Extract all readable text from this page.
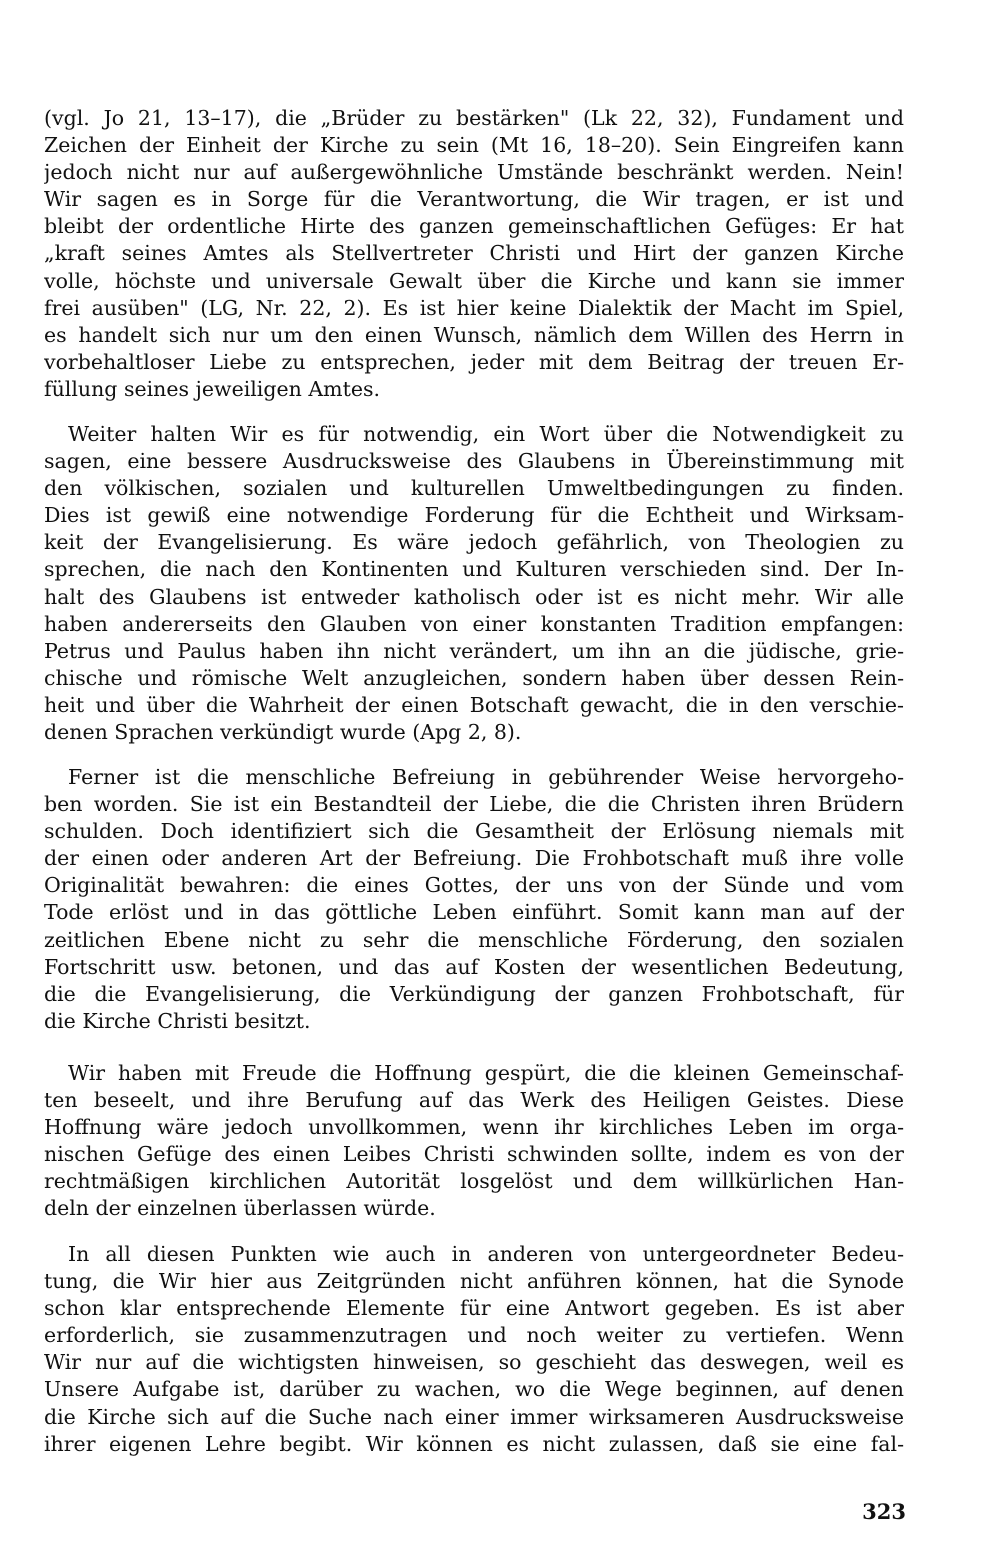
(vgl. Jo 21, 13–17), die „Brüder zu bestärken" (Lk 22, 32), Fundament und
Zeichen der Einheit der Kirche zu sein (Mt 16, 18–20). Sein Eingreifen kann
jedoch nicht nur auf außergewöhnliche Umstände beschränkt werden. Nein!
Wir sagen es in Sorge für die Verantwortung, die Wir tragen, er ist und
bleibt der ordentliche Hirte des ganzen gemeinschaftlichen Gefüges: Er hat
„kraft seines Amtes als Stellvertreter Christi und Hirt der ganzen Kirche
volle, höchste und universale Gewalt über die Kirche und kann sie immer
frei ausüben" (LG, Nr. 22, 2). Es ist hier keine Dialektik der Macht im Spiel,
es handelt sich nur um den einen Wunsch, nämlich dem Willen des Herrn in
vorbehaltloser Liebe zu entsprechen, jeder mit dem Beitrag der treuen Er-
füllung seines jeweiligen Amtes.
Weiter halten Wir es für notwendig, ein Wort über die Notwendigkeit zu
sagen, eine bessere Ausdrucksweise des Glaubens in Übereinstimmung mit
den völkischen, sozialen und kulturellen Umweltbedingungen zu finden.
Dies ist gewiß eine notwendige Forderung für die Echtheit und Wirksam-
keit der Evangelisierung. Es wäre jedoch gefährlich, von Theologien zu
sprechen, die nach den Kontinenten und Kulturen verschieden sind. Der In-
halt des Glaubens ist entweder katholisch oder ist es nicht mehr. Wir alle
haben andererseits den Glauben von einer konstanten Tradition empfangen:
Petrus und Paulus haben ihn nicht verändert, um ihn an die jüdische, grie-
chische und römische Welt anzugleichen, sondern haben über dessen Rein-
heit und über die Wahrheit der einen Botschaft gewacht, die in den verschie-
denen Sprachen verkündigt wurde (Apg 2, 8).
Ferner ist die menschliche Befreiung in gebührender Weise hervorgeho-
ben worden. Sie ist ein Bestandteil der Liebe, die die Christen ihren Brüdern
schulden. Doch identifiziert sich die Gesamtheit der Erlösung niemals mit
der einen oder anderen Art der Befreiung. Die Frohbotschaft muß ihre volle
Originalität bewahren: die eines Gottes, der uns von der Sünde und vom
Tode erlöst und in das göttliche Leben einführt. Somit kann man auf der
zeitlichen Ebene nicht zu sehr die menschliche Förderung, den sozialen
Fortschritt usw. betonen, und das auf Kosten der wesentlichen Bedeutung,
die die Evangelisierung, die Verkündigung der ganzen Frohbotschaft, für
die Kirche Christi besitzt.
Wir haben mit Freude die Hoffnung gespürt, die die kleinen Gemeinschaf-
ten beseelt, und ihre Berufung auf das Werk des Heiligen Geistes. Diese
Hoffnung wäre jedoch unvollkommen, wenn ihr kirchliches Leben im orga-
nischen Gefüge des einen Leibes Christi schwinden sollte, indem es von der
rechtmäßigen kirchlichen Autorität losgelöst und dem willkürlichen Han-
deln der einzelnen überlassen würde.
In all diesen Punkten wie auch in anderen von untergeordneter Bedeu-
tung, die Wir hier aus Zeitgründen nicht anführen können, hat die Synode
schon klar entsprechende Elemente für eine Antwort gegeben. Es ist aber
erforderlich, sie zusammenzutragen und noch weiter zu vertiefen. Wenn
Wir nur auf die wichtigsten hinweisen, so geschieht das deswegen, weil es
Unsere Aufgabe ist, darüber zu wachen, wo die Wege beginnen, auf denen
die Kirche sich auf die Suche nach einer immer wirksameren Ausdrucksweise
ihrer eigenen Lehre begibt. Wir können es nicht zulassen, daß sie eine fal-
323
